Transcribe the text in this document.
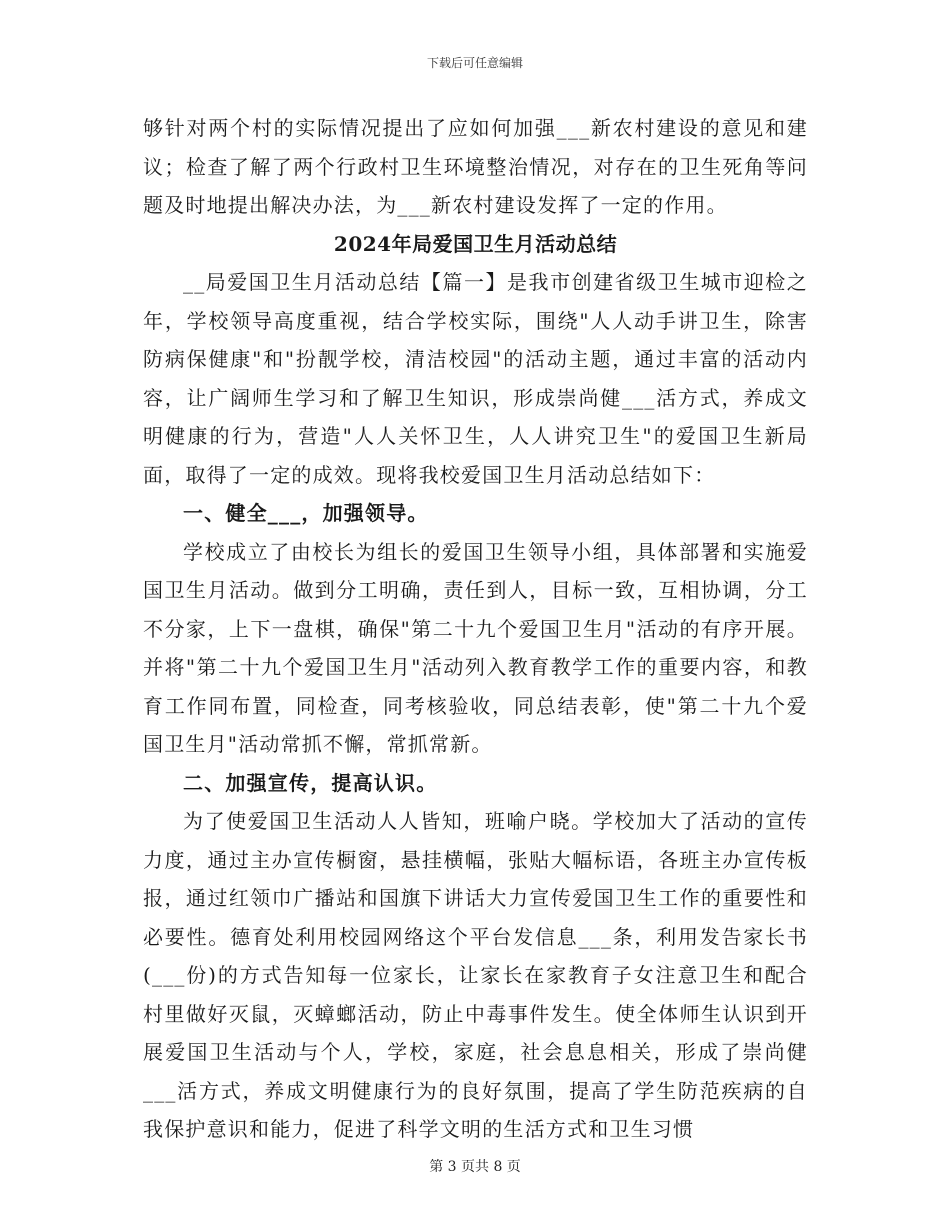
下载后可任意编辑

够针对两个村的实际情况提出了应如何加强___新农村建设的意见和建议；检查了解了两个行政村卫生环境整治情况，对存在的卫生死角等问题及时地提出解决办法，为___新农村建设发挥了一定的作用。

2024年局爱国卫生月活动总结

__局爱国卫生月活动总结【篇一】是我市创建省级卫生城市迎检之年，学校领导高度重视，结合学校实际，围绕"人人动手讲卫生，除害防病保健康"和"扮靓学校，清洁校园"的活动主题，通过丰富的活动内容，让广阔师生学习和了解卫生知识，形成崇尚健___活方式，养成文明健康的行为，营造"人人关怀卫生，人人讲究卫生"的爱国卫生新局面，取得了一定的成效。现将我校爱国卫生月活动总结如下：

一、健全___，加强领导。

学校成立了由校长为组长的爱国卫生领导小组，具体部署和实施爱国卫生月活动。做到分工明确，责任到人，目标一致，互相协调，分工不分家，上下一盘棋，确保"第二十九个爱国卫生月"活动的有序开展。并将"第二十九个爱国卫生月"活动列入教育教学工作的重要内容，和教育工作同布置，同检查，同考核验收，同总结表彰，使"第二十九个爱国卫生月"活动常抓不懈，常抓常新。

二、加强宣传，提高认识。

为了使爱国卫生活动人人皆知，班喻户晓。学校加大了活动的宣传力度，通过主办宣传橱窗，悬挂横幅，张贴大幅标语，各班主办宣传板报，通过红领巾广播站和国旗下讲话大力宣传爱国卫生工作的重要性和必要性。德育处利用校园网络这个平台发信息___条，利用发告家长书(___份)的方式告知每一位家长，让家长在家教育子女注意卫生和配合村里做好灭鼠，灭蟑螂活动，防止中毒事件发生。使全体师生认识到开展爱国卫生活动与个人，学校，家庭，社会息息相关，形成了崇尚健___活方式，养成文明健康行为的良好氛围，提高了学生防范疾病的自我保护意识和能力，促进了科学文明的生活方式和卫生习惯

第 3 页共 8 页
